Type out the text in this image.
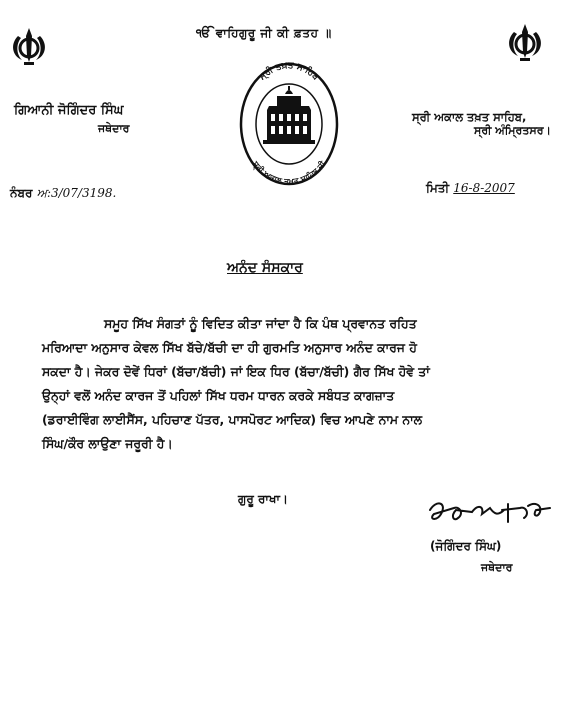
ੴ ਵਾਹਿਗੁਰੂ ਜੀ ਕੀ ਫ਼ਤਹ ॥
ਸ੍ਰੀ ਤਖ਼ਤ ਸਾਹਿਬ
ਸ੍ਰੀ ਅਕਾਲ ਤਖ਼ਤ ਸਾਹਿਬ ਜੀ
ਗਿਆਨੀ ਜੋਗਿੰਦਰ ਸਿੰਘ
ਜਥੇਦਾਰ
ਸ੍ਰੀ ਅਕਾਲ ਤਖ਼ਤ ਸਾਹਿਬ,
ਸ੍ਰੀ ਅੰਮ੍ਰਿਤਸਰ।
ਨੰਬਰ ਅ:3/07/3198.	ਮਿਤੀ 16-8-2007
ਅਨੰਦ ਸੰਸਕਾਰ
ਸਮੂਹ ਸਿੱਖ ਸੰਗਤਾਂ ਨੂੰ ਵਿਦਿਤ ਕੀਤਾ ਜਾਂਦਾ ਹੈ ਕਿ ਪੰਥ ਪ੍ਰਵਾਨਤ ਰਹਿਤ
ਮਰਿਆਦਾ ਅਨੁਸਾਰ ਕੇਵਲ ਸਿੱਖ ਬੱਚੇ/ਬੱਚੀ ਦਾ ਹੀ ਗੁਰਮਤਿ ਅਨੁਸਾਰ ਅਨੰਦ ਕਾਰਜ ਹੋ
ਸਕਦਾ ਹੈ। ਜੇਕਰ ਦੋਵੇਂ ਧਿਰਾਂ (ਬੱਚਾ/ਬੱਚੀ) ਜਾਂ ਇਕ ਧਿਰ (ਬੱਚਾ/ਬੱਚੀ) ਗੈਰ ਸਿੱਖ ਹੋਵੇ ਤਾਂ
ਉਨ੍ਹਾਂ ਵਲੋਂ ਅਨੰਦ ਕਾਰਜ ਤੋਂ ਪਹਿਲਾਂ ਸਿੱਖ ਧਰਮ ਧਾਰਨ ਕਰਕੇ ਸਬੰਧਤ ਕਾਗਜ਼ਾਤ
(ਡਰਾਈਵਿੰਗ ਲਾਈਸੈਂਸ, ਪਹਿਚਾਣ ਪੱਤਰ, ਪਾਸਪੋਰਟ ਆਦਿਕ) ਵਿਚ ਆਪਣੇ ਨਾਮ ਨਾਲ
ਸਿੰਘ/ਕੌਰ ਲਾਉਣਾ ਜਰੂਰੀ ਹੈ।
ਗੁਰੂ ਰਾਖਾ।
(ਜੋਗਿੰਦਰ ਸਿੰਘ)
ਜਥੇਦਾਰ
